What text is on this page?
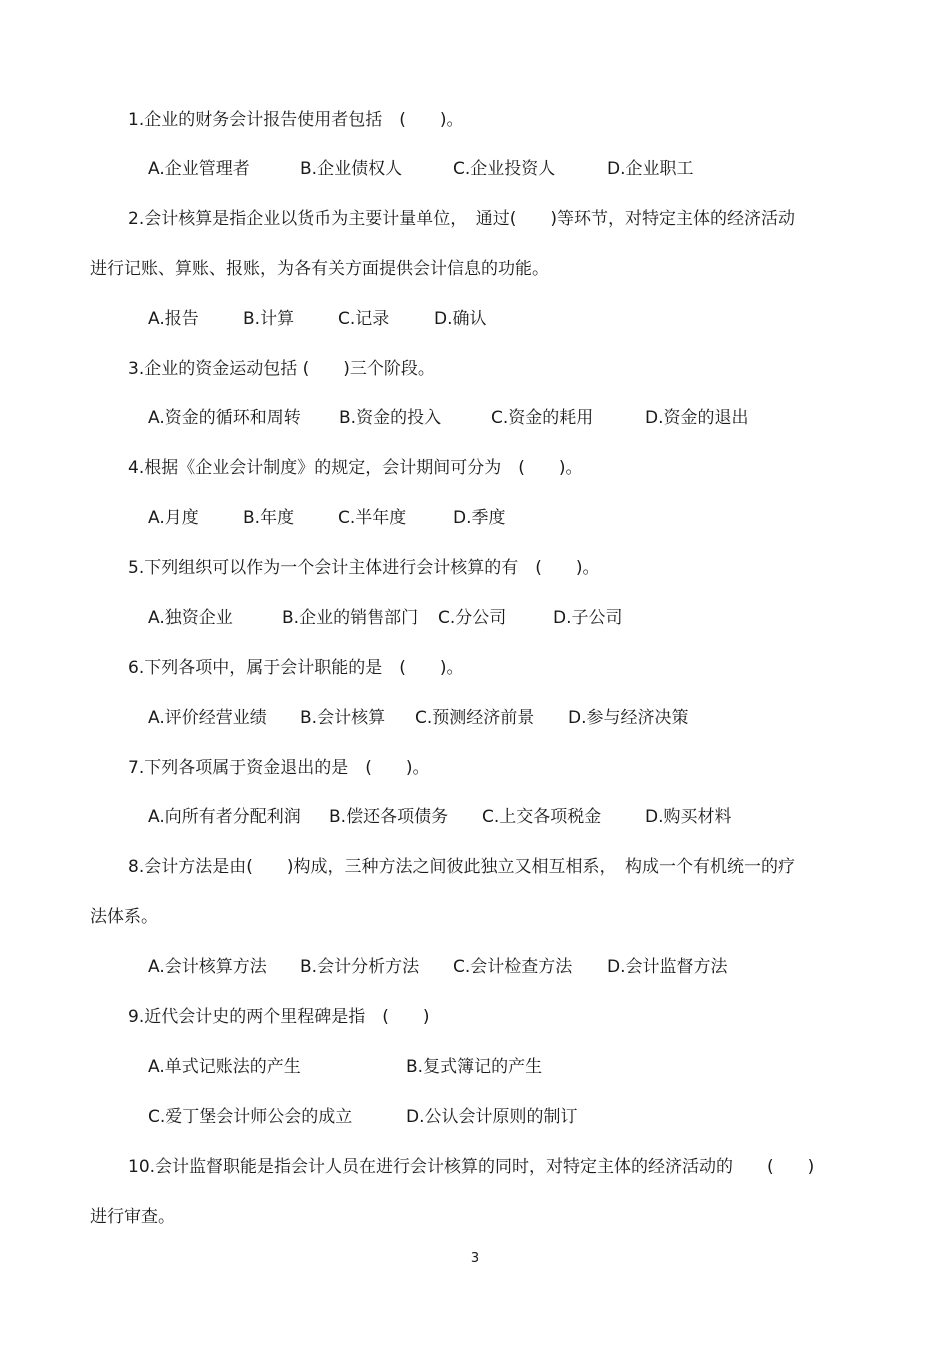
1.企业的财务会计报告使用者包括　(　　)。
A.企业管理者	B.企业债权人	C.企业投资人	D.企业职工
2.会计核算是指企业以货币为主要计量单位，　通过(　　)等环节，对特定主体的经济活动
进行记账、算账、报账，为各有关方面提供会计信息的功能。
A.报告	B.计算	C.记录	D.确认
3.企业的资金运动包括 (　　)三个阶段。
A.资金的循环和周转 B.资金的投入	C.资金的耗用	D.资金的退出
4.根据《企业会计制度》的规定，会计期间可分为　(　　)。
A.月度	B.年度	C.半年度	D.季度
5.下列组织可以作为一个会计主体进行会计核算的有　(　　)。
A.独资企业	B.企业的销售部门 C.分公司	D.子公司
6.下列各项中，属于会计职能的是　(　　)。
A.评价经营业绩 B.会计核算 C.预测经济前景 D.参与经济决策
7.下列各项属于资金退出的是　(　　)。
A.向所有者分配利润 B.偿还各项债务 C.上交各项税金	D.购买材料
8.会计方法是由(　　)构成，三种方法之间彼此独立又相互相系，　构成一个有机统一的疗
法体系。
A.会计核算方法 B.会计分析方法 C.会计检查方法 D.会计监督方法
9.近代会计史的两个里程碑是指　(　　)
A.单式记账法的产生	B.复式簿记的产生
C.爱丁堡会计师公会的成立	D.公认会计原则的制订
10.会计监督职能是指会计人员在进行会计核算的同时，对特定主体的经济活动的　　(　　)
进行审查。
3
